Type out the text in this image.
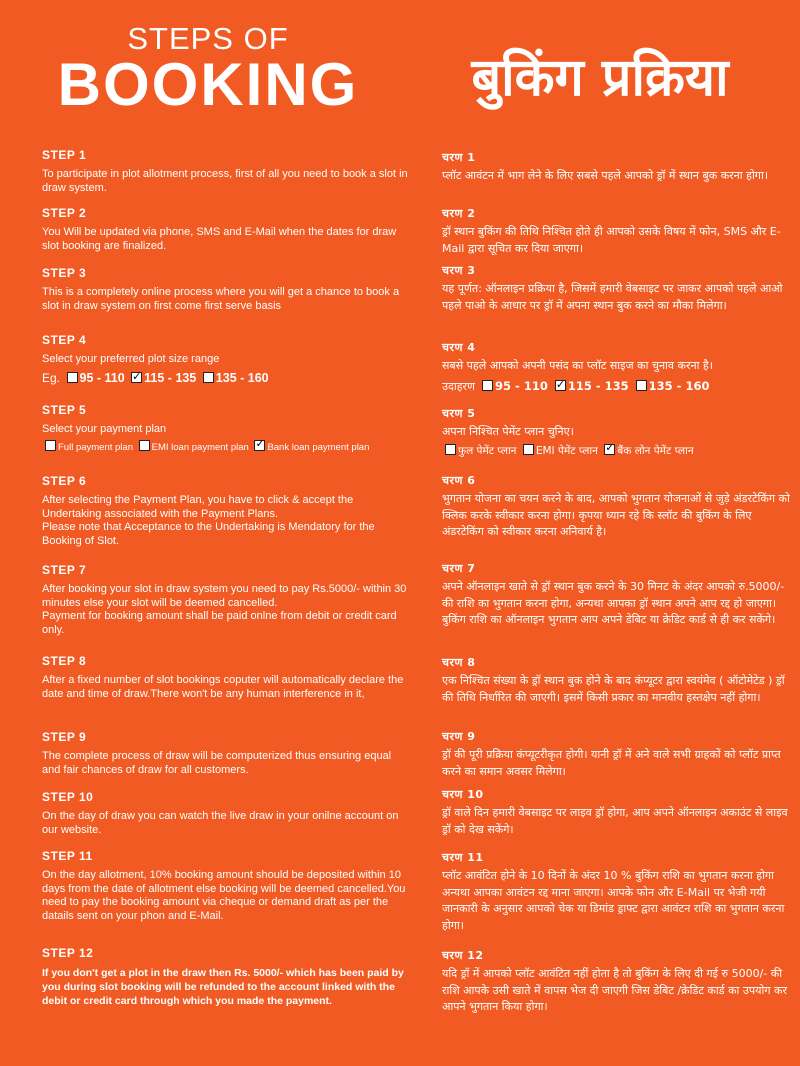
STEPS OF
BOOKING	बुकिंग प्रक्रिया
STEP 1
To participate in plot allotment process, first of all you need to book a slot in draw system.
STEP 2
You Will be updated via phone, SMS and E-Mail when the dates for draw slot booking are finalized.
STEP 3
This is a completely online process where you will get a chance to book a slot in draw system on first come first serve basis
STEP 4
Select your preferred plot size range
Eg. 95 - 110 ✓ 115 - 135 135 - 160
STEP 5
Select your payment plan
Full payment plan EMI loan payment plan ✓ Bank loan payment plan
STEP 6
After selecting the Payment Plan, you have to click & accept the Undertaking associated with the Payment Plans.
Please note that Acceptance to the Undertaking is Mendatory for the Booking of Slot.
STEP 7
After booking your slot in draw system you need to pay Rs.5000/- within 30 minutes else your slot will be deemed cancelled.
Payment for booking amount shall be paid onlne from debit or credit card only.
STEP 8
After a fixed number of slot bookings coputer will automatically declare the date and time of draw.There won't be any human interference in it,
STEP 9
The complete process of draw will be computerized thus ensuring equal and fair chances of draw for all customers.
STEP 10
On the day of draw you can watch the live draw in your onilne account on our website.
STEP 11
On the day allotment, 10% booking amount should be deposited within 10 days from the date of allotment else booking will be deemed cancelled.You need to pay the booking amount via cheque or demand draft as per the datails sent on your phon and E-Mail.
STEP 12
If you don't get a plot in the draw then Rs. 5000/- which has been paid by you during slot booking will be refunded to the account linked with the debit or credit card through which you made the payment.
चरण 1
प्लॉट आवंटन में भाग लेने के लिए सबसे पहले आपको ड्रॉ में स्थान बुक करना होगा।
चरण 2
ड्रॉ स्थान बुकिंग की तिथि निश्चित होते ही आपको उसके विषय में फोन, SMS और E-Mail द्वारा सूचित कर दिया जाएगा।
चरण 3
यह पूर्णत: ऑनलाइन प्रक्रिया है, जिसमें हमारी वेबसाइट पर जाकर आपको पहले आओ पहले पाओ के आधार पर ड्रॉ में अपना स्थान बुक करने का मौका मिलेगा।
चरण 4
सबसे पहले आपको अपनी पसंद का प्लॉट साइज का चुनाव करना है।
उदाहरण 95 - 110 ✓ 115 - 135 135 - 160
चरण 5
अपना निश्चित पेमेंट प्लान चुनिए।
फुल पेमेंट प्लान EMI पेमेंट प्लान ✓ बैंक लोन पेमेंट प्लान
चरण 6
भुगतान योजना का चयन करने के बाद, आपको भुगतान योजनाओं से जुड़े अंडरटेकिंग को क्लिक करके स्वीकार करना होगा। कृपया ध्यान रहे कि स्लॉट की बुकिंग के लिए अंडरटेकिंग को स्वीकार करना अनिवार्य है।
चरण 7
अपने ऑनलाइन खाते से ड्रॉ स्थान बुक करने के 30 मिनट के अंदर आपको रु.5000/- की राशि का भुगतान करना होगा, अन्यथा आपका ड्रॉ स्थान अपने आप रद्द हो जाएगा। बुकिंग राशि का ऑनलाइन भुगतान आप अपने डेबिट या क्रेडिट कार्ड से ही कर सकेंगे।
चरण 8
एक निश्चित संख्या के ड्रॉ स्थान बुक होने के बाद कंप्यूटर द्वारा स्वयंमेव ( ऑटोमेटेड ) ड्रॉ की तिथि निर्धारित की जाएगी। इसमें किसी प्रकार का मानवीय हस्तक्षेप नहीं होगा।
चरण 9
ड्रॉ की पूरी प्रक्रिया कंप्यूटरीकृत होगी। यानी ड्रॉ में अने वाले सभी ग्राहकों को प्लॉट प्राप्त करने का समान अवसर मिलेगा।
चरण 10
ड्रॉ वाले दिन हमारी वेबसाइट पर लाइव ड्रॉ होगा, आप अपने ऑनलाइन अकाउंट से लाइव ड्रॉ को देख सकेंगे।
चरण 11
प्लॉट आवंटित होने के 10 दिनों के अंदर 10 % बुकिंग राशि का भुगतान करना होगा अन्यथा आपका आवंटन रद्द माना जाएगा। आपके फोन और E-Mail पर भेजी गयी जानकारी के अनुसार आपको चेक या डिमांड ड्राफ्ट द्वारा आवंटन राशि का भुगतान करना होगा।
चरण 12
यदि ड्रॉ में आपको प्लॉट आवंटित नहीं होता है तो बुकिंग के लिए दी गई रु 5000/- की राशि आपके उसी खाते में वापस भेज दी जाएगी जिस डेबिट /क्रेडिट कार्ड का उपयोग कर आपने भुगतान किया होगा।
